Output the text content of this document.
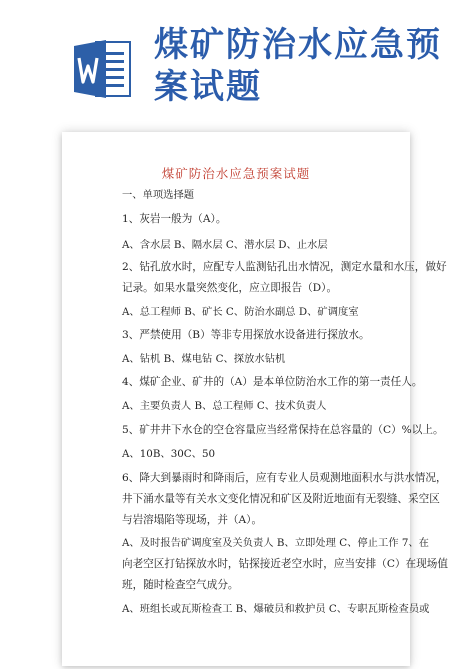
煤矿防治水应急预
案试题
煤矿防治水应急预案试题
一、单项选择题
1、灰岩一般为（A）。
A、含水层 B、隔水层 C、潜水层 D、止水层
2、钻孔放水时，应配专人监测钻孔出水情况，测定水量和水压，做好
记录。如果水量突然变化，应立即报告（D）。
A、总工程师 B、矿长 C、防治水副总 D、矿调度室
3、严禁使用（B）等非专用探放水设备进行探放水。
A、钻机 B、煤电钻 C、探放水钻机
4、煤矿企业、矿井的（A）是本单位防治水工作的第一责任人。
A、主要负责人 B、总工程师 C、技术负责人
5、矿井井下水仓的空仓容量应当经常保持在总容量的（C）%以上。
A、10B、30C、50
6、降大到暴雨时和降雨后，应有专业人员观测地面积水与洪水情况，
井下涌水量等有关水文变化情况和矿区及附近地面有无裂缝、采空区
与岩溶塌陷等现场，并（A）。
A、及时报告矿调度室及关负责人 B、立即处理 C、停止工作 7、在
向老空区打钻探放水时，钻探接近老空水时，应当安排（C）在现场值
班，随时检查空气成分。
A、班组长或瓦斯检查工 B、爆破员和救护员 C、专职瓦斯检查员或
